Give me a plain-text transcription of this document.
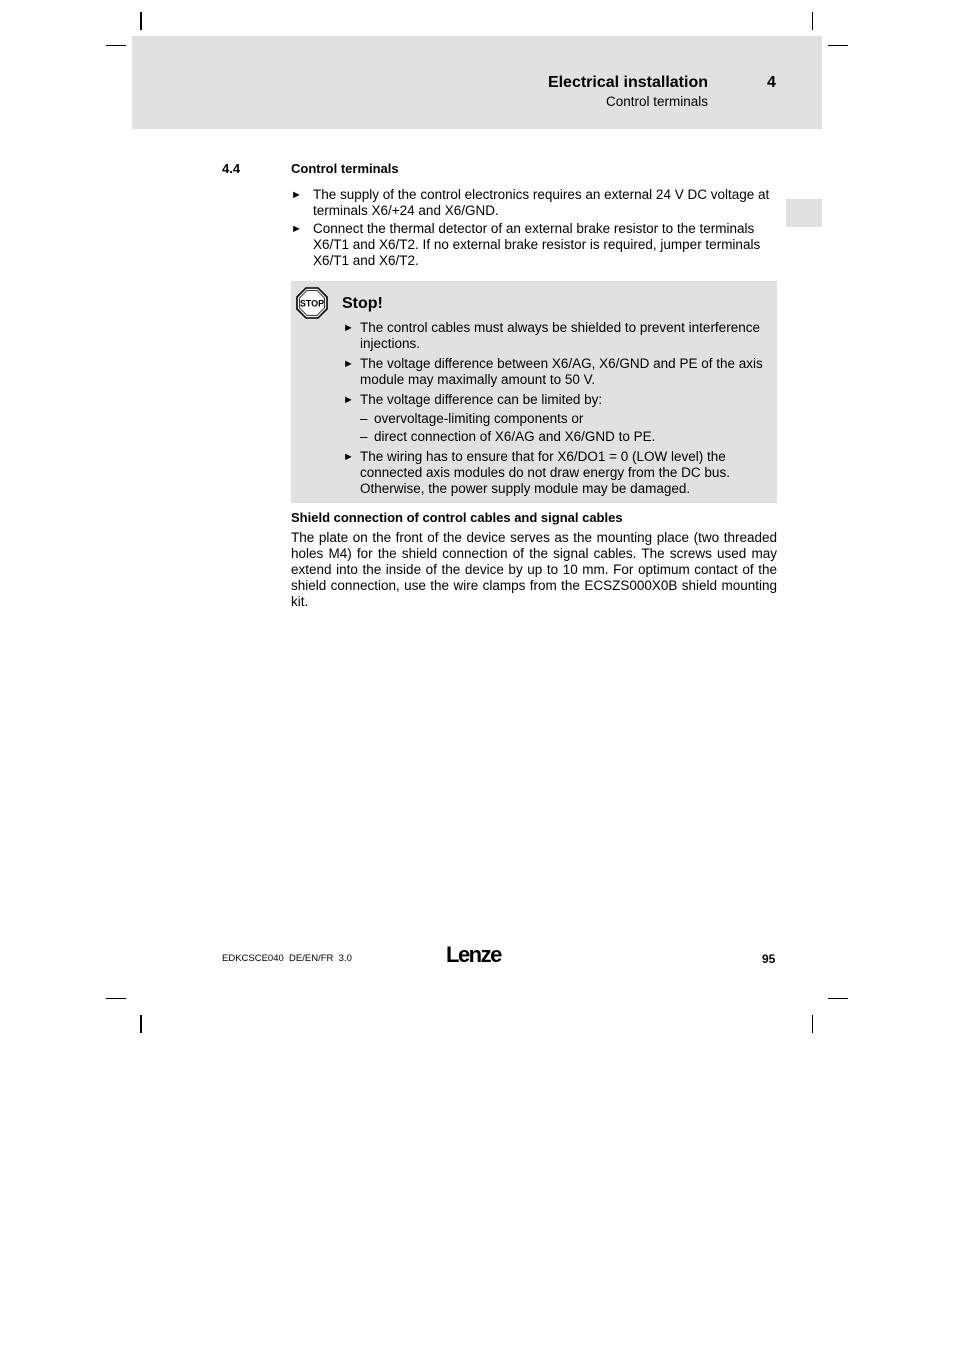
Electrical installation	4
Control terminals
4.4	Control terminals
► The supply of the control electronics requires an external 24 V DC voltage at terminals X6/+24 and X6/GND.
► Connect the thermal detector of an external brake resistor to the terminals X6/T1 and X6/T2. If no external brake resistor is required, jumper terminals X6/T1 and X6/T2.
STOP Stop!
► The control cables must always be shielded to prevent interference injections.
► The voltage difference between X6/AG, X6/GND and PE of the axis module may maximally amount to 50 V.
► The voltage difference can be limited by:
– overvoltage-limiting components or
– direct connection of X6/AG and X6/GND to PE.
► The wiring has to ensure that for X6/DO1 = 0 (LOW level) the connected axis modules do not draw energy from the DC bus. Otherwise, the power supply module may be damaged.
Shield connection of control cables and signal cables

The plate on the front of the device serves as the mounting place (two threaded holes M4) for the shield connection of the signal cables. The screws used may extend into the inside of the device by up to 10 mm. For optimum contact of the shield connection, use the wire clamps from the ECSZS000X0B shield mounting kit.

EDKCSCE040  DE/EN/FR  3.0	Lenze	95
